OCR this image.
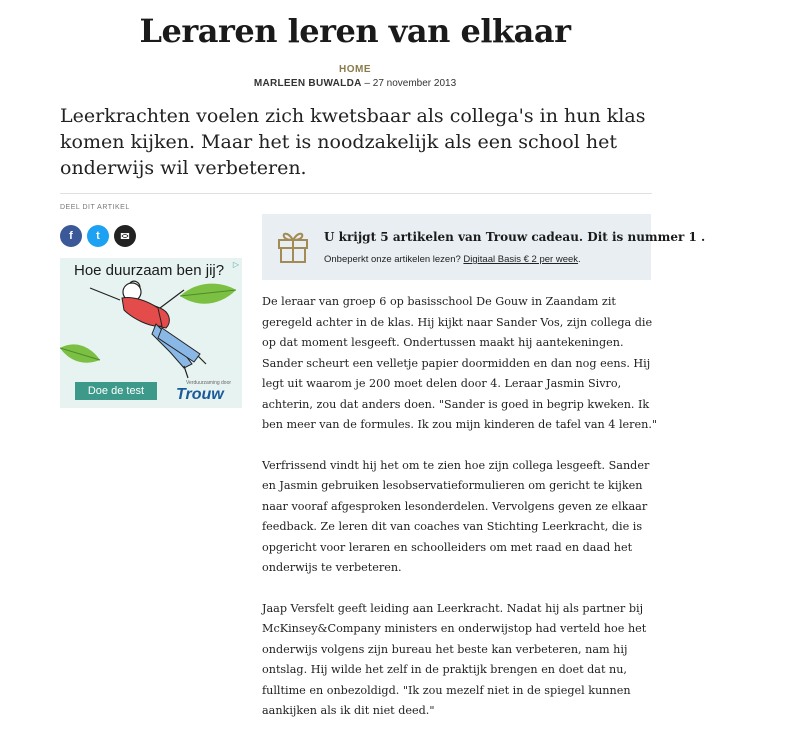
Leraren leren van elkaar
HOME
MARLEEN BUWALDA – 27 november 2013

Leerkrachten voelen zich kwetsbaar als collega's in hun klas komen kijken. Maar het is noodzakelijk als een school het onderwijs wil verbeteren.

DEEL DIT ARTIKEL
f t ✉
Hoe duurzaam ben jij? ▷
Doe de test
Verduurzaming door
Trouw
U krijgt 5 artikelen van Trouw cadeau. Dit is nummer 1 .
Onbeperkt onze artikelen lezen? Digitaal Basis € 2 per week.

De leraar van groep 6 op basisschool De Gouw in Zaandam zit geregeld achter in de klas. Hij kijkt naar Sander Vos, zijn collega die op dat moment lesgeeft. Ondertussen maakt hij aantekeningen. Sander scheurt een velletje papier doormidden en dan nog eens. Hij legt uit waarom je 200 moet delen door 4. Leraar Jasmin Sivro, achterin, zou dat anders doen. "Sander is goed in begrip kweken. Ik ben meer van de formules. Ik zou mijn kinderen de tafel van 4 leren."

Verfrissend vindt hij het om te zien hoe zijn collega lesgeeft. Sander en Jasmin gebruiken lesobservatieformulieren om gericht te kijken naar vooraf afgesproken lesonderdelen. Vervolgens geven ze elkaar feedback. Ze leren dit van coaches van Stichting Leerkracht, die is opgericht voor leraren en schoolleiders om met raad en daad het onderwijs te verbeteren.

Jaap Versfelt geeft leiding aan Leerkracht. Nadat hij als partner bij McKinsey&Company ministers en onderwijstop had verteld hoe het onderwijs volgens zijn bureau het beste kan verbeteren, nam hij ontslag. Hij wilde het zelf in de praktijk brengen en doet dat nu, fulltime en onbezoldigd. "Ik zou mezelf niet in de spiegel kunnen aankijken als ik dit niet deed."
